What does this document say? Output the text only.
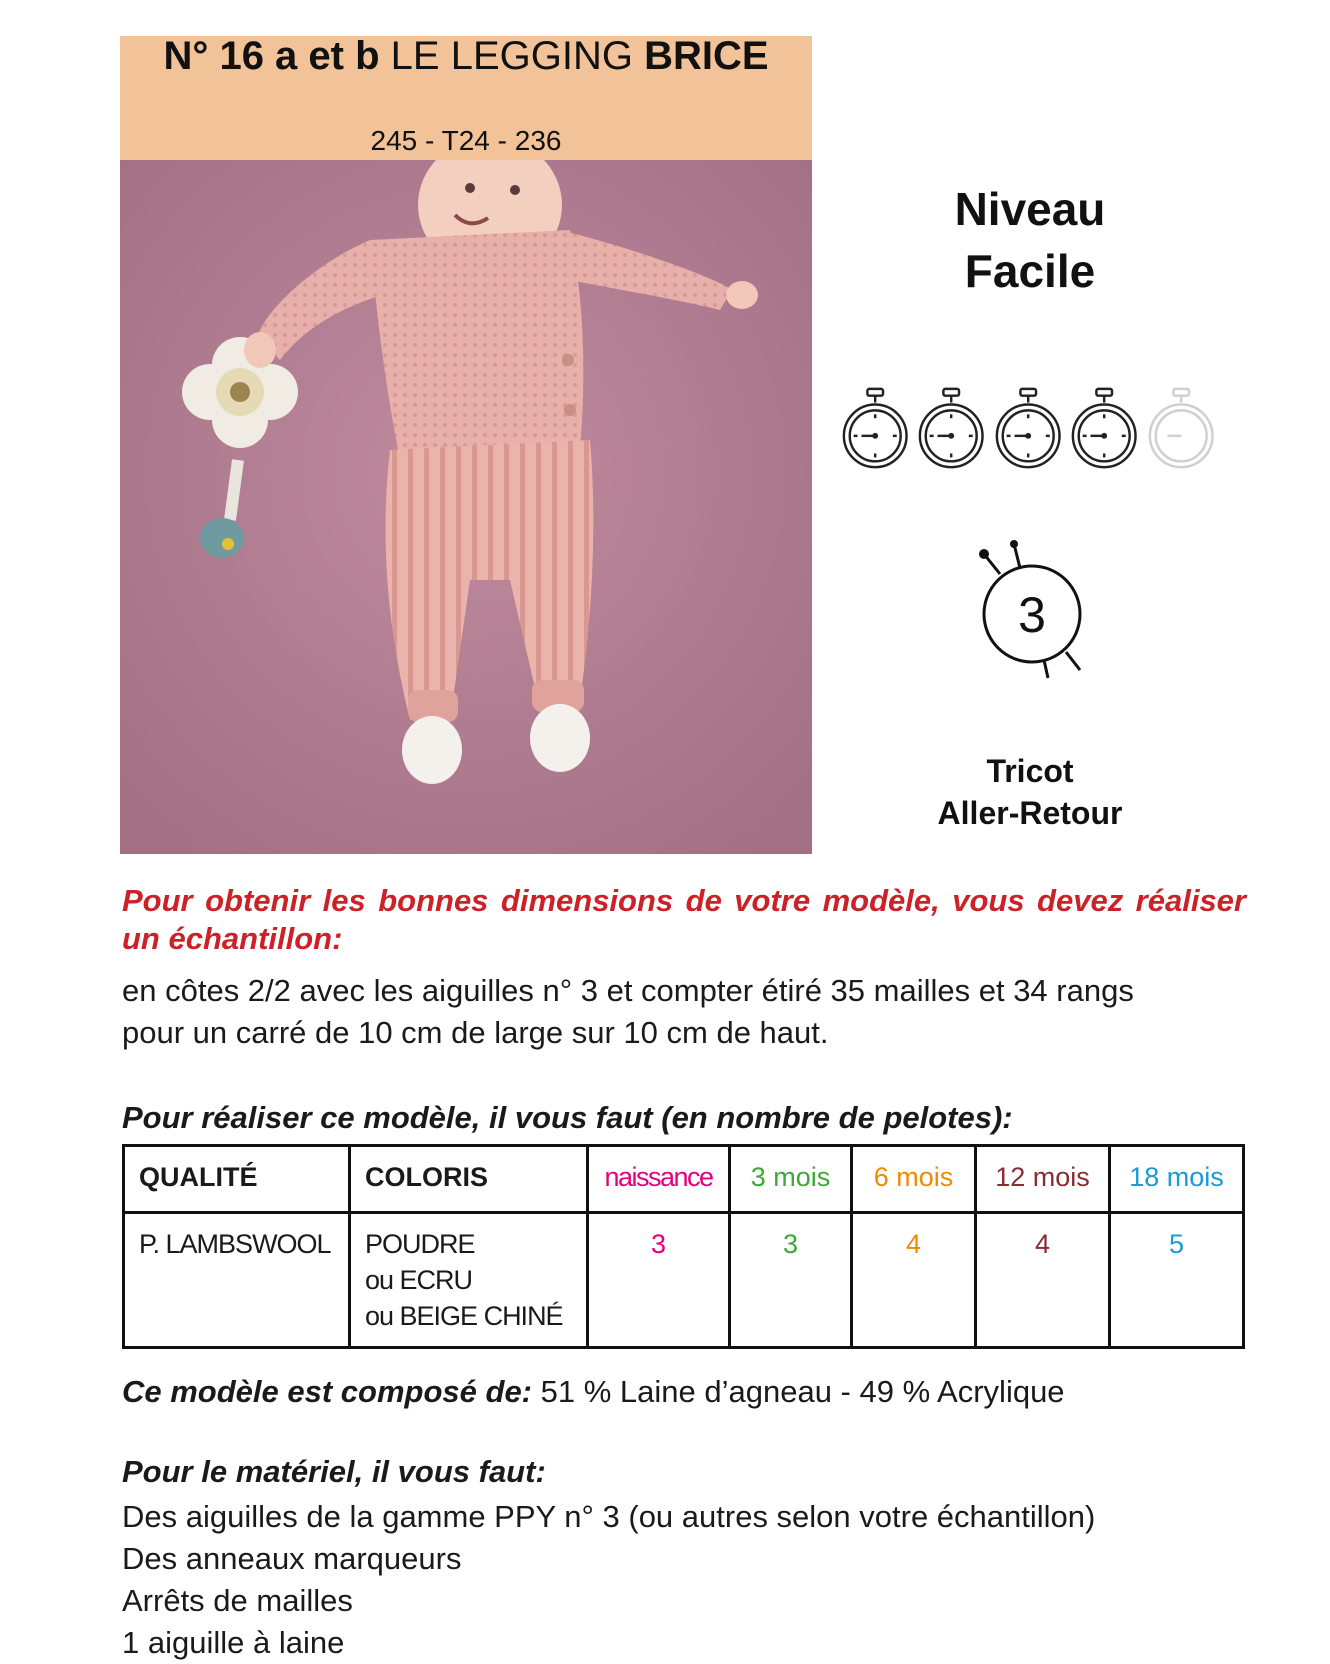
N° 16 a et b LE LEGGING BRICE
245 - T24 - 236
Niveau
Facile
3
Tricot
Aller-Retour
Pour obtenir les bonnes dimensions de votre modèle, vous devez réaliser un échantillon:
en côtes 2/2 avec les aiguilles n° 3 et compter étiré 35 mailles et 34 rangs
pour un carré de 10 cm de large sur 10 cm de haut.
Pour réaliser ce modèle, il vous faut (en nombre de pelotes):
QUALITÉ	COLORIS	naissance	3 mois	6 mois	12 mois	18 mois
P. LAMBSWOOL	POUDRE
ou ECRU
ou BEIGE CHINÉ	3	3	4	4	5
Ce modèle est composé de: 51 % Laine d’agneau - 49 % Acrylique
Pour le matériel, il vous faut:
Des aiguilles de la gamme PPY n° 3 (ou autres selon votre échantillon)
Des anneaux marqueurs
Arrêts de mailles
1 aiguille à laine
